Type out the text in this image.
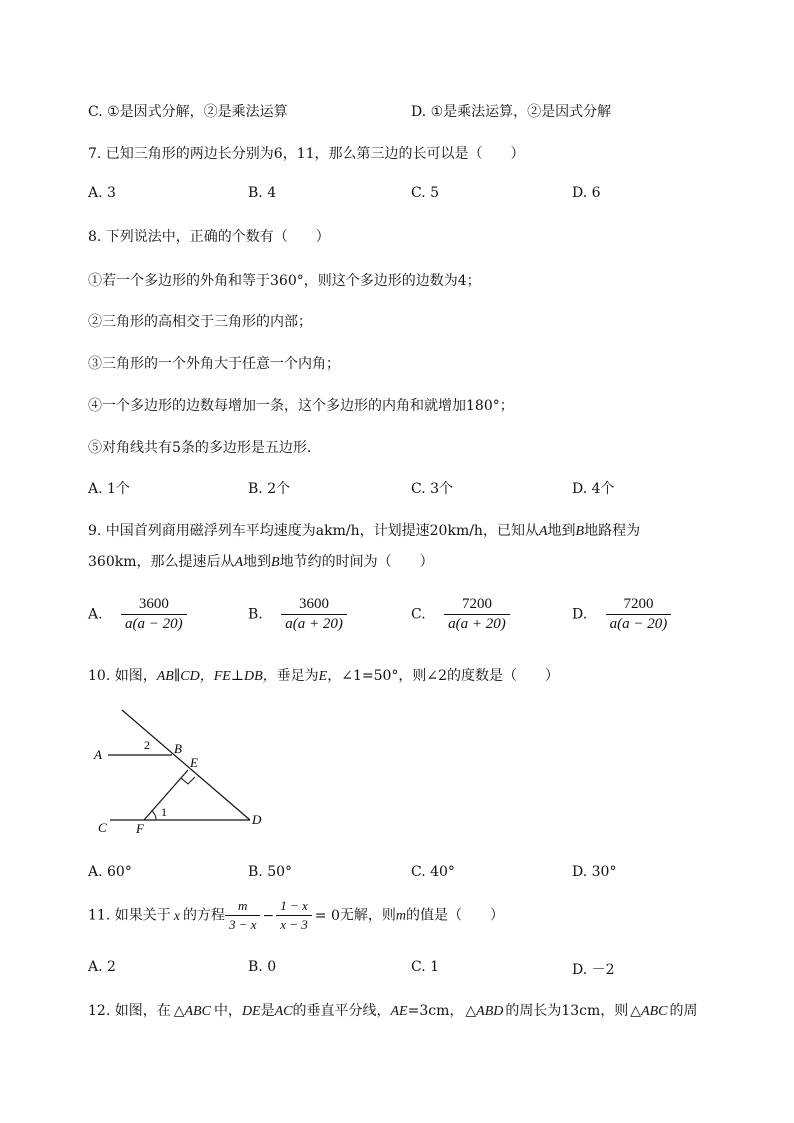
C. ①是因式分解，②是乘法运算	D. ①是乘法运算，②是因式分解
7. 已知三角形的两边长分别为6，11，那么第三边的长可以是（　　）
A. 3	B. 4	C. 5	D. 6
8. 下列说法中，正确的个数有（　　）
①若一个多边形的外角和等于360°，则这个多边形的边数为4；
②三角形的高相交于三角形的内部；
③三角形的一个外角大于任意一个内角；
④一个多边形的边数每增加一条，这个多边形的内角和就增加180°；
⑤对角线共有5条的多边形是五边形.
A. 1个	B. 2个	C. 3个	D. 4个
9. 中国首列商用磁浮列车平均速度为akm/h，计划提速20km/h，已知从A地到B地路程为
360km，那么提速后从A地到B地节约的时间为（　　）
A. $\frac{3600}{a(a - 20)}$	B. $\frac{3600}{a(a + 20)}$	C. $\frac{7200}{a(a + 20)}$	D. $\frac{7200}{a(a - 20)}$
10. 如图，AB∥CD，FE⊥DB，垂足为E，∠1=50°，则∠2的度数是（　　）
A	B
E
C F
D
1
2
A. 60°	B. 50°	C. 40°	D. 30°
11. 如果关于 x 的方程 $\frac{m}{3 - x} - \frac{1 - x}{x - 3} = 0$无解，则m的值是（　　）
A. 2	B. 0	C. 1	D. －2
12. 如图，在 △ABC 中，DE是AC的垂直平分线，AE=3cm， △ABD 的周长为13cm，则 △ABC 的周
